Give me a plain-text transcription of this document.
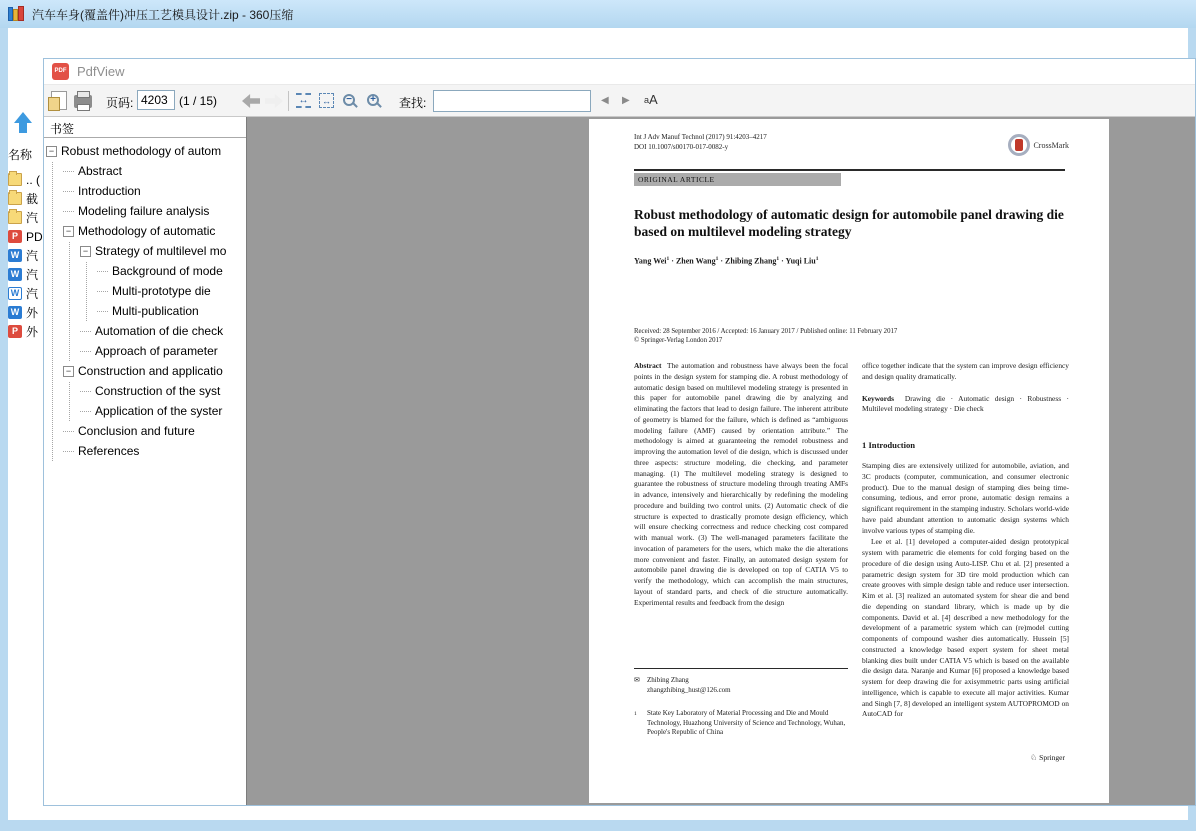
汽车车身(覆盖件)冲压工艺模具设计.zip - 360压缩
名称
.. (
截
汽
P PD
W 汽
W 汽
W 汽
W 外
P 外
PDF PdfView
页码:
4203	(1 / 15)	↔ ↔	−	+ 查找:	◀ ▶ a A
书签
− Robust methodology of autom
Abstract
Introduction
Modeling failure analysis
− Methodology of automatic
− Strategy of multilevel mo
Background of mode
Multi-prototype die
Multi-publication
Automation of die check
Approach of parameter
− Construction and applicatio
Construction of the syst
Application of the syster
Conclusion and future
References
Int J Adv Manuf Technol (2017) 91:4203–4217
DOI 10.1007/s00170-017-0082-y	CrossMark
ORIGINAL ARTICLE
Robust methodology of automatic design for automobile panel drawing die based on multilevel modeling strategy
Yang Wei$^1$ · Zhen Wang$^1$ · Zhibing Zhang$^1$ · Yuqi Liu$^1$
Received: 28 September 2016 / Accepted: 16 January 2017 / Published online: 11 February 2017
© Springer-Verlag London 2017

Abstract The automation and robustness have always been the focal points in the design system for stamping die. A robust methodology of automatic design based on multilevel modeling strategy is presented in this paper for automobile panel drawing die by analyzing and eliminating the factors that lead to design failure. The inherent attribute of geometry is blamed for the failure, which is defined as “ambiguous modeling failure (AMF) caused by orientation attribute.” The methodology is aimed at guaranteeing the remodel robustness and improving the automation level of die design, which is discussed under three aspects: structure modeling, die checking, and parameter managing. (1) The multilevel modeling strategy is designed to guarantee the robustness of structure modeling through treating AMFs in advance, intensively and hierarchically by redefining the modeling procedure and building two control units. (2) Automatic check of die structure is expected to drastically promote design efficiency, which will ensure checking correctness and reduce checking cost compared with manual work. (3) The well-managed parameters facilitate the invocation of parameters for the users, which make the die alterations more convenient and faster. Finally, an automated design system for automobile panel drawing die is developed on top of CATIA V5 to verify the methodology, which can accomplish the main structures, layout of standard parts, and check of die structure automatically. Experimental results and feedback from the design

✉	Zhibing Zhang
zhangzhibing_hust@126.com
1	State Key Laboratory of Material Processing and Die and Mould Technology, Huazhong University of Science and Technology, Wuhan, People's Republic of China

office together indicate that the system can improve design efficiency and design quality dramatically.

Keywords Drawing die · Automatic design · Robustness · Multilevel modeling strategy · Die check

1 Introduction

Stamping dies are extensively utilized for automobile, aviation, and 3C products (computer, communication, and consumer electronic product). Due to the manual design of stamping dies being time-consuming, tedious, and error prone, automatic design remains a significant requirement in the stamping industry. Scholars world-wide have paid abundant attention to automatic design systems which involve various types of stamping die.

Lee et al. [1] developed a computer-aided design prototypical system with parametric die elements for cold forging based on the procedure of die design using Auto-LISP. Chu et al. [2] presented a parametric design system for 3D tire mold production which can create grooves with simple design table and reduce user intersection. Kim et al. [3] realized an automated system for shear die and bend die depending on standard library, which is made up by die components. David et al. [4] described a new methodology for the development of a parametric system which can (re)model cutting components of compound washer dies automatically. Hussein [5] constructed a knowledge based expert system for sheet metal blanking dies built under CATIA V5 which is based on the available die design data. Naranje and Kumar [6] proposed a knowledge based system for deep drawing die for axisymmetric parts using artificial intelligence, which is capable to execute all major activities. Kumar and Singh [7, 8] developed an intelligent system AUTOPROMOD on AutoCAD for

♘ Springer
